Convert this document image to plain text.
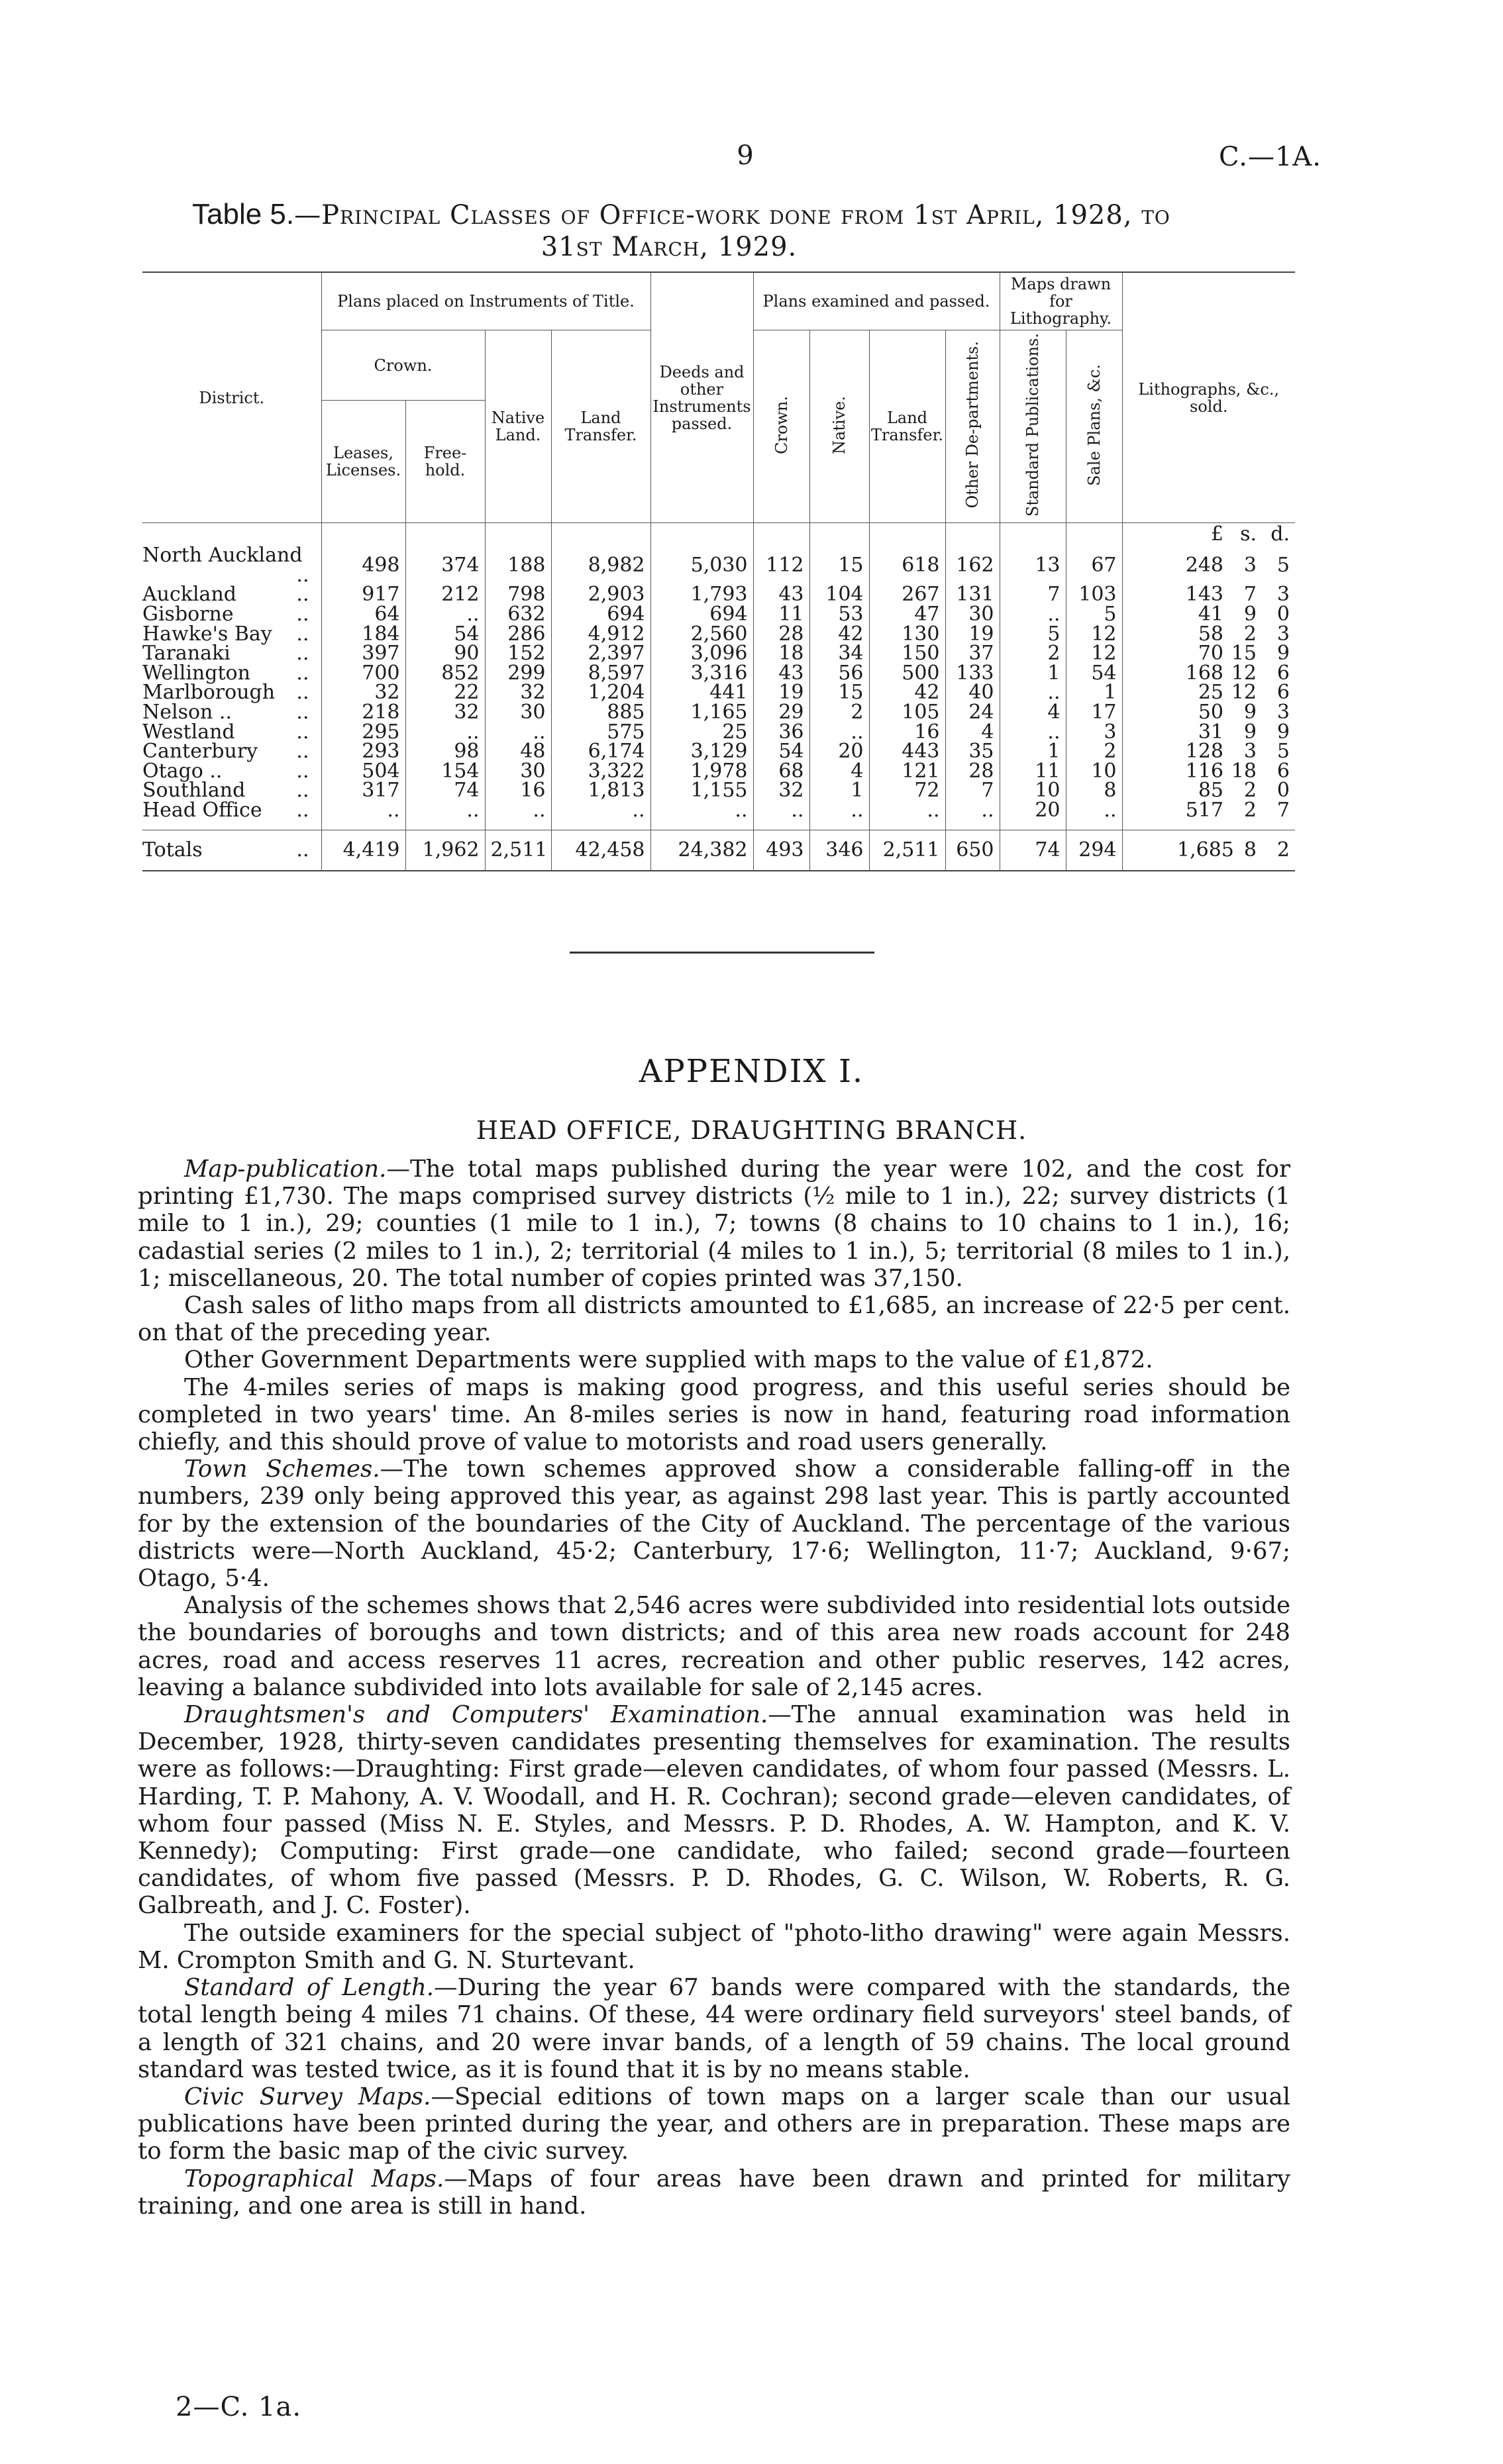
9	C.—1A.
Table 5.—Principal Classes of Office-work done from 1st April, 1928, to
31st March, 1929.
District.	Plans placed on Instruments of Title.				Deeds and other Instruments passed.	Plans examined and passed.				Maps drawn for Lithography.		Lithographs, &c., sold.
	Crown.		Native Land.	Land Transfer.		Crown.	Native.	Land Transfer.	Other De-partments.	Standard Publications.	Sale Plans, &c.	
	Leases, Licenses.	Free-hold.										
												£ s. d.
North Auckland
..	498	374	188	8,982	5,030	112	15	618	162	13	67	248 3 5
Auckland ..	917	212	798	2,903	1,793	43	104	267	131	7	103	143 7 3
Gisborne ..	64	..	632	694	694	11	53	47	30	..	5	41 9 0
Hawke's Bay ..	184	54	286	4,912	2,560	28	42	130	19	5	12	58 2 3
Taranaki ..	397	90	152	2,397	3,096	18	34	150	37	2	12	70 15 9
Wellington ..	700	852	299	8,597	3,316	43	56	500	133	1	54	168 12 6
Marlborough ..	32	22	32	1,204	441	19	15	42	40	..	1	25 12 6
Nelson .. ..	218	32	30	885	1,165	29	2	105	24	4	17	50 9 3
Westland ..	295	..	..	575	25	36	..	16	4	..	3	31 9 9
Canterbury ..	293	98	48	6,174	3,129	54	20	443	35	1	2	128 3 5
Otago .. ..	504	154	30	3,322	1,978	68	4	121	28	11	10	116 18 6
Southland ..	317	74	16	1,813	1,155	32	1	72	7	10	8	85 2 0
Head Office ..	..	..	..	..	..	..	..	..	..	20	..	517 2 7

Totals ..	4,419	1,962	2,511	42,458	24,382	493	346	2,511	650	74	294	1,685 8 2
APPENDIX I.
HEAD OFFICE, DRAUGHTING BRANCH.

Map-publication.—The total maps published during the year were 102, and the cost for printing £1,730. The maps comprised survey districts (½ mile to 1 in.), 22; survey districts (1 mile to 1 in.), 29; counties (1 mile to 1 in.), 7; towns (8 chains to 10 chains to 1 in.), 16; cadastial series (2 miles to 1 in.), 2; territorial (4 miles to 1 in.), 5; territorial (8 miles to 1 in.), 1; miscellaneous, 20. The total number of copies printed was 37,150.

Cash sales of litho maps from all districts amounted to £1,685, an increase of 22·5 per cent. on that of the preceding year.

Other Government Departments were supplied with maps to the value of £1,872.

The 4-miles series of maps is making good progress, and this useful series should be completed in two years' time. An 8-miles series is now in hand, featuring road information chiefly, and this should prove of value to motorists and road users generally.

Town Schemes.—The town schemes approved show a considerable falling-off in the numbers, 239 only being approved this year, as against 298 last year. This is partly accounted for by the extension of the boundaries of the City of Auckland. The percentage of the various districts were—North Auckland, 45·2; Canterbury, 17·6; Wellington, 11·7; Auckland, 9·67; Otago, 5·4.

Analysis of the schemes shows that 2,546 acres were subdivided into residential lots outside the boundaries of boroughs and town districts; and of this area new roads account for 248 acres, road and access reserves 11 acres, recreation and other public reserves, 142 acres, leaving a balance subdivided into lots available for sale of 2,145 acres.

Draughtsmen's and Computers' Examination.—The annual examination was held in December, 1928, thirty-seven candidates presenting themselves for examination. The results were as follows:—Draughting: First grade—eleven candidates, of whom four passed (Messrs. L. Harding, T. P. Mahony, A. V. Woodall, and H. R. Cochran); second grade—eleven candidates, of whom four passed (Miss N. E. Styles, and Messrs. P. D. Rhodes, A. W. Hampton, and K. V. Kennedy); Computing: First grade—one candidate, who failed; second grade—fourteen candidates, of whom five passed (Messrs. P. D. Rhodes, G. C. Wilson, W. Roberts, R. G. Galbreath, and J. C. Foster).

The outside examiners for the special subject of "photo-litho drawing" were again Messrs. M. Crompton Smith and G. N. Sturtevant.

Standard of Length.—During the year 67 bands were compared with the standards, the total length being 4 miles 71 chains. Of these, 44 were ordinary field surveyors' steel bands, of a length of 321 chains, and 20 were invar bands, of a length of 59 chains. The local ground standard was tested twice, as it is found that it is by no means stable.

Civic Survey Maps.—Special editions of town maps on a larger scale than our usual publications have been printed during the year, and others are in preparation. These maps are to form the basic map of the civic survey.

Topographical Maps.—Maps of four areas have been drawn and printed for military training, and one area is still in hand.

2—C. 1a.
